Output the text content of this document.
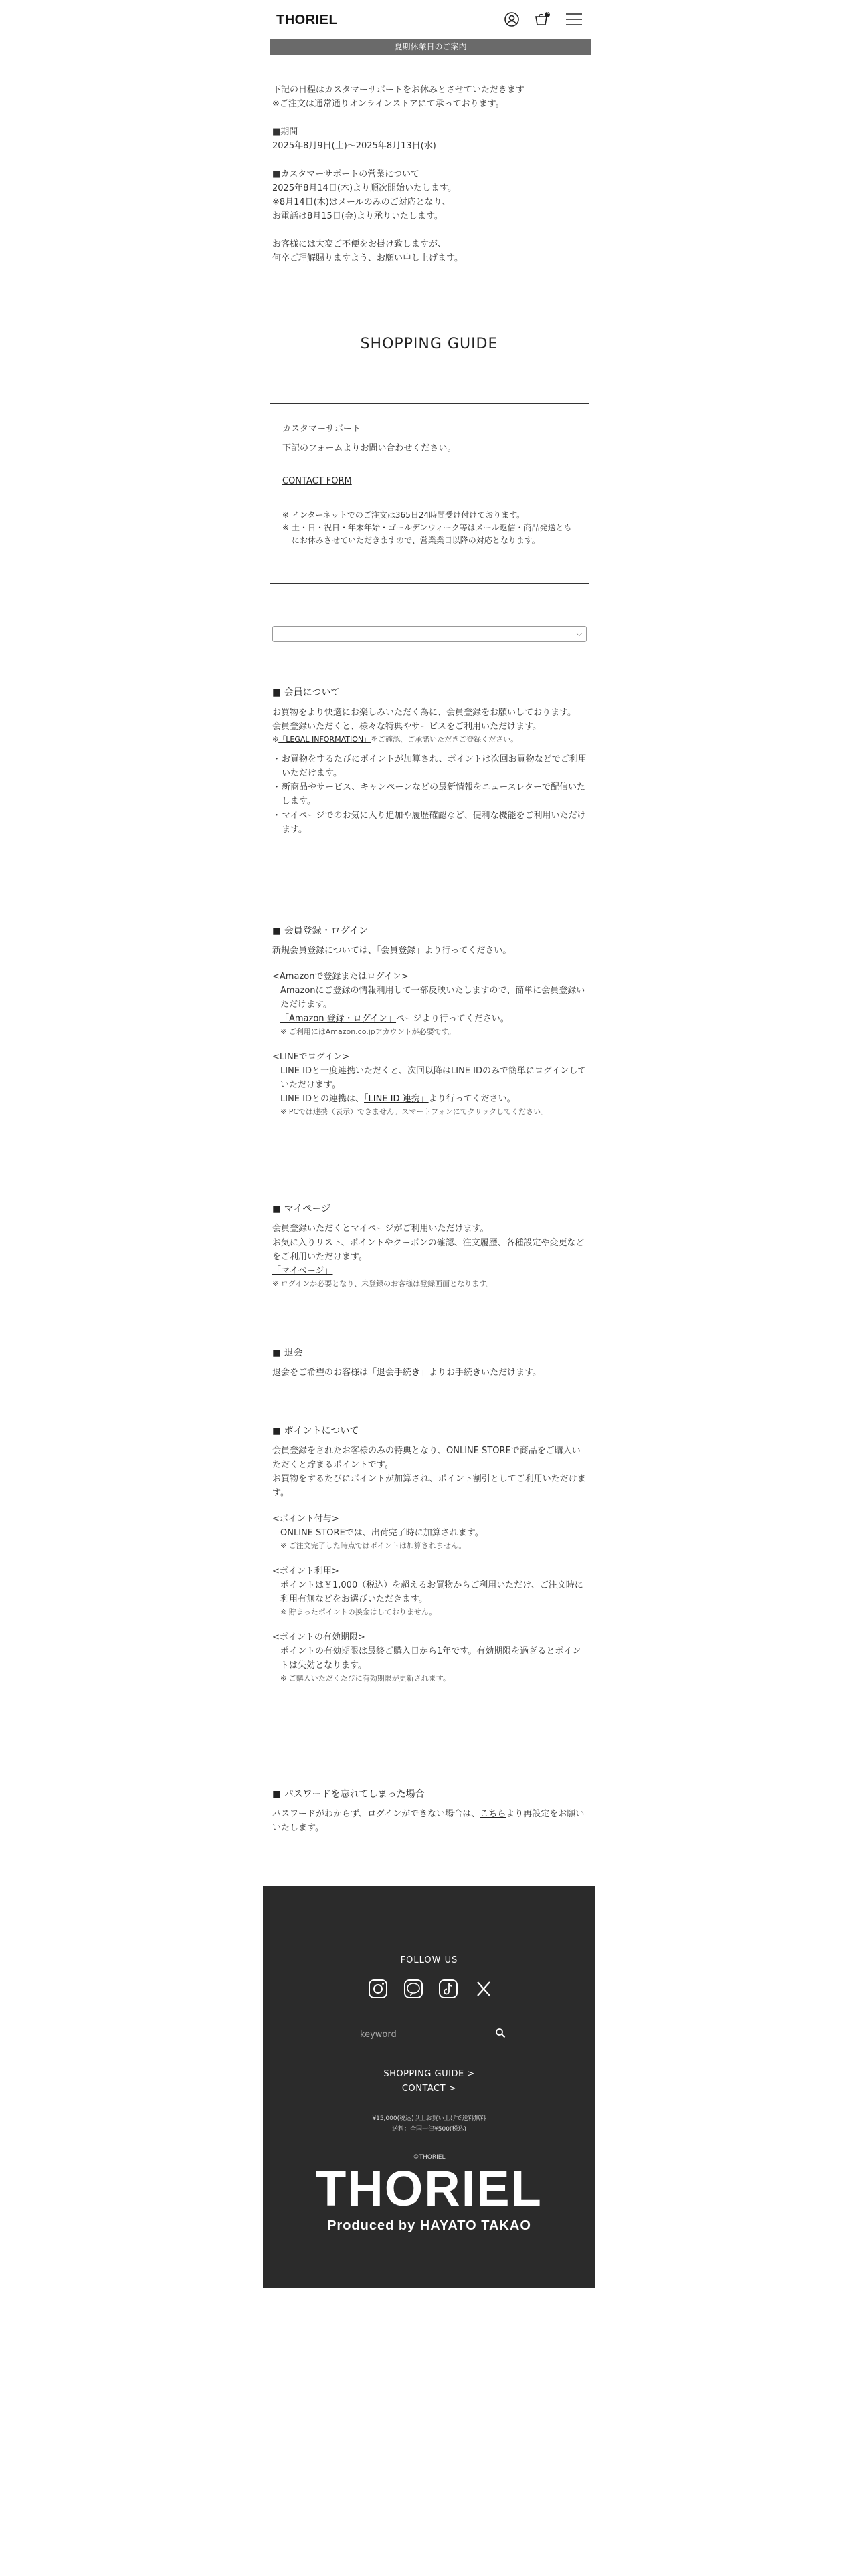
THORIEL	0
夏期休業日のご案内

下記の日程はカスタマーサポートをお休みとさせていただきます

※ご注文は通常通りオンラインストアにて承っております。

■期間

2025年8月9日(土)〜2025年8月13日(水)

■カスタマーサポートの営業について

2025年8月14日(木)より順次開始いたします。

※8月14日(木)はメールのみのご対応となり、

お電話は8月15日(金)より承りいたします。

お客様には大変ご不便をお掛け致しますが、

何卒ご理解賜りますよう、お願い申し上げます。

SHOPPING GUIDE

カスタマーサポート

下記のフォームよりお問い合わせください。

CONTACT FORM

※ インターネットでのご注文は365日24時間受け付けております。
※ 土・日・祝日・年末年始・ゴールデンウィーク等はメール返信・商品発送ともにお休みさせていただきますので、営業業日以降の対応となります。
⌵

■ 会員について

お買物をより快適にお楽しみいただく為に、会員登録をお願いしております。

会員登録いただくと、様々な特典やサービスをご利用いただけます。

※「LEGAL INFORMATION」をご確認、ご承諾いただきご登録ください。

・ お買物をするたびにポイントが加算され、ポイントは次回お買物などでご利用いただけます。
・ 新商品やサービス、キャンペーンなどの最新情報をニュースレターで配信いたします。
・ マイページでのお気に入り追加や履歴確認など、便利な機能をご利用いただけます。

■ 会員登録・ログイン

新規会員登録については、「会員登録」より行ってください。

<Amazonで登録またはログイン>

Amazonにご登録の情報利用して一部反映いたしますので、簡単に会員登録いただけます。

「Amazon 登録・ログイン」ページより行ってください。

※ ご利用にはAmazon.co.jpアカウントが必要です。

<LINEでログイン>

LINE IDと一度連携いただくと、次回以降はLINE IDのみで簡単にログインしていただけます。

LINE IDとの連携は、「LINE ID 連携」より行ってください。

※ PCでは連携（表示）できません。スマートフォンにてクリックしてください。

■ マイページ

会員登録いただくとマイページがご利用いただけます。

お気に入りリスト、ポイントやクーポンの確認、注文履歴、各種設定や変更などをご利用いただけます。

「マイページ」

※ ログインが必要となり、未登録のお客様は登録画面となります。

■ 退会

退会をご希望のお客様は「退会手続き」よりお手続きいただけます。

■ ポイントについて

会員登録をされたお客様のみの特典となり、ONLINE STOREで商品をご購入いただくと貯まるポイントです。

お買物をするたびにポイントが加算され、ポイント割引としてご利用いただけます。

<ポイント付与>

ONLINE STOREでは、出荷完了時に加算されます。

※ ご注文完了した時点ではポイントは加算されません。

<ポイント利用>

ポイントは￥1,000（税込）を超えるお買物からご利用いただけ、ご注文時に利用有無などをお選びいただきます。

※ 貯まったポイントの換金はしておりません。

<ポイントの有効期限>

ポイントの有効期限は最終ご購入日から1年です。有効期限を過ぎるとポイントは失効となります。

※ ご購入いただくたびに有効期限が更新されます。

■ パスワードを忘れてしまった場合

パスワードがわからず、ログインができない場合は、こちらより再設定をお願いいたします。

FOLLOW US
keyword
SHOPPING GUIDE >
CONTACT >
¥15,000(税込)以上お買い上げで送料無料
送料：全国一律¥500(税込)
©THORIEL
THORIEL
Produced by HAYATO TAKAO
